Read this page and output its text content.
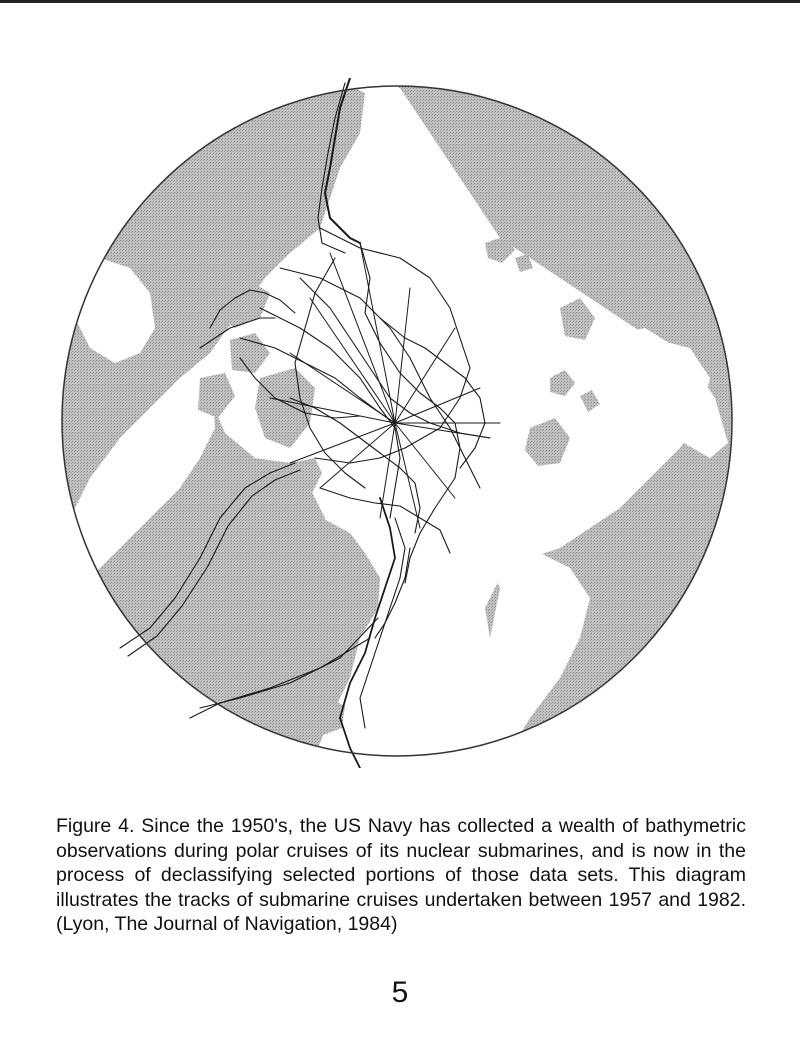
Figure 4. Since the 1950's, the US Navy has collected a wealth of bathymetric observations during polar cruises of its nuclear submarines, and is now in the process of declassifying selected portions of those data sets. This diagram illustrates the tracks of submarine cruises undertaken between 1957 and 1982. (Lyon, The Journal of Navigation, 1984)

5
